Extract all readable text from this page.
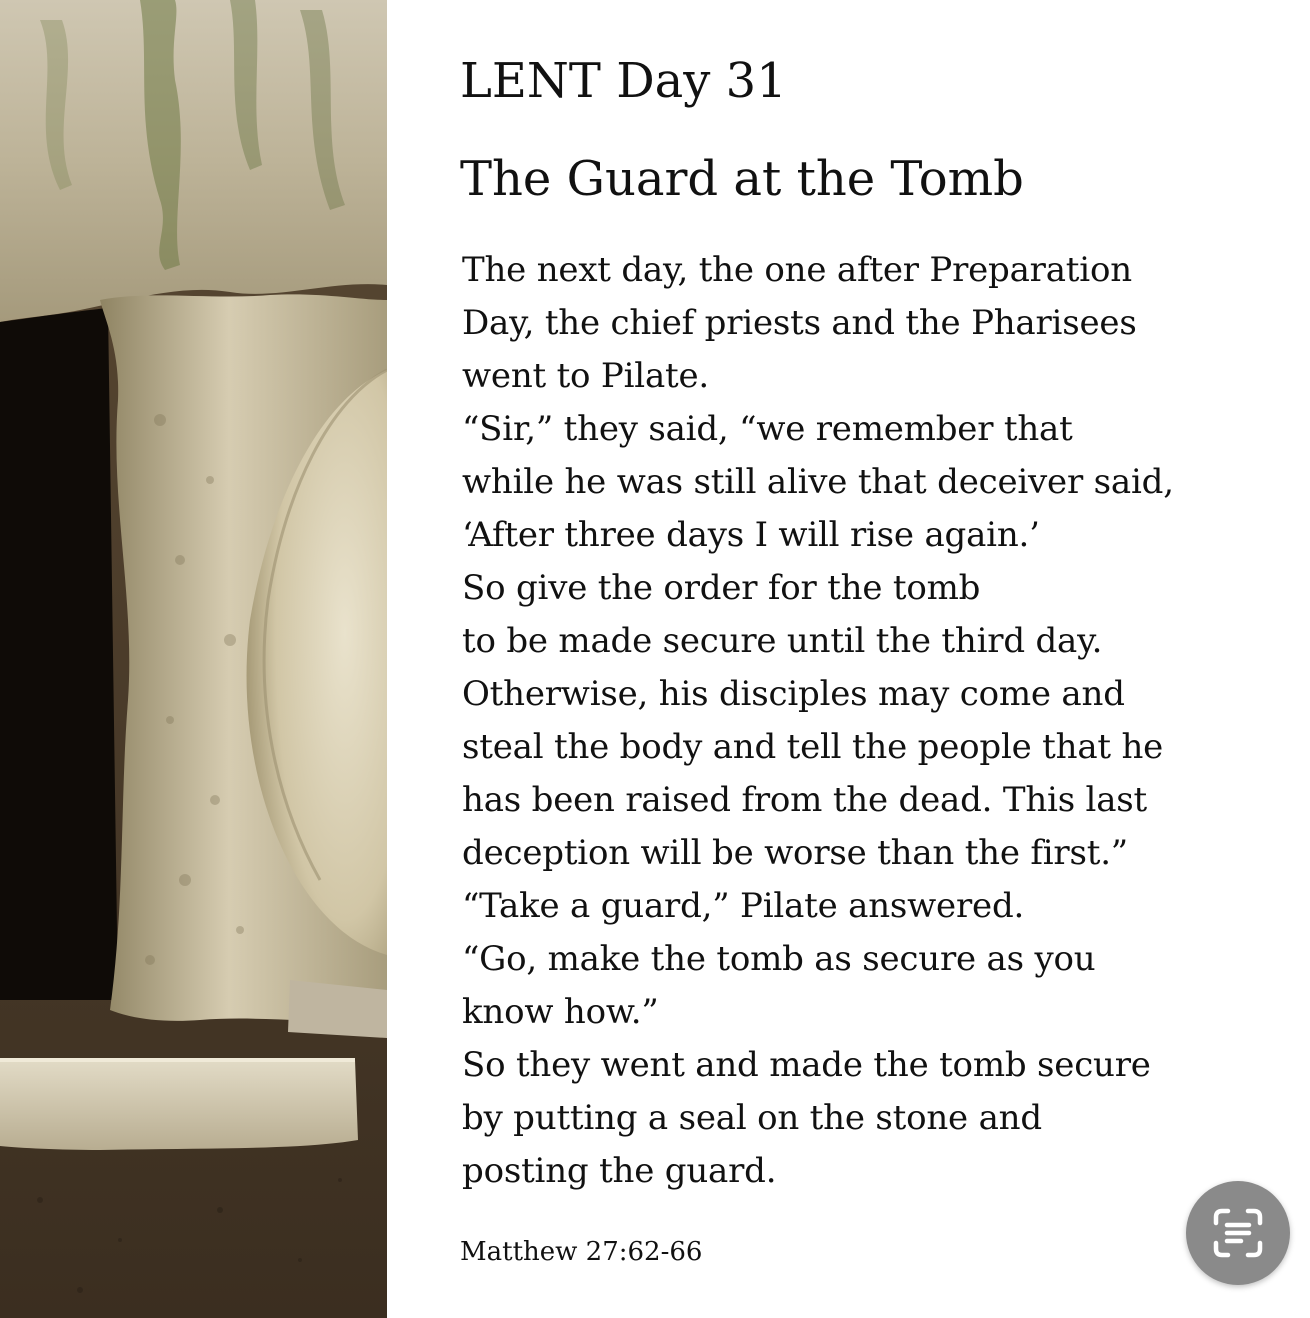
LENT Day 31
The Guard at the Tomb
The next day, the one after Preparation
Day, the chief priests and the Pharisees
went to Pilate.
“Sir,” they said, “we remember that
while he was still alive that deceiver said,
‘After three days I will rise again.’
So give the order for the tomb
to be made secure until the third day.
Otherwise, his disciples may come and
steal the body and tell the people that he
has been raised from the dead. This last
deception will be worse than the first.”
“Take a guard,” Pilate answered.
“Go, make the tomb as secure as you
know how.”
So they went and made the tomb secure
by putting a seal on the stone and
posting the guard.
Matthew 27:62-66
